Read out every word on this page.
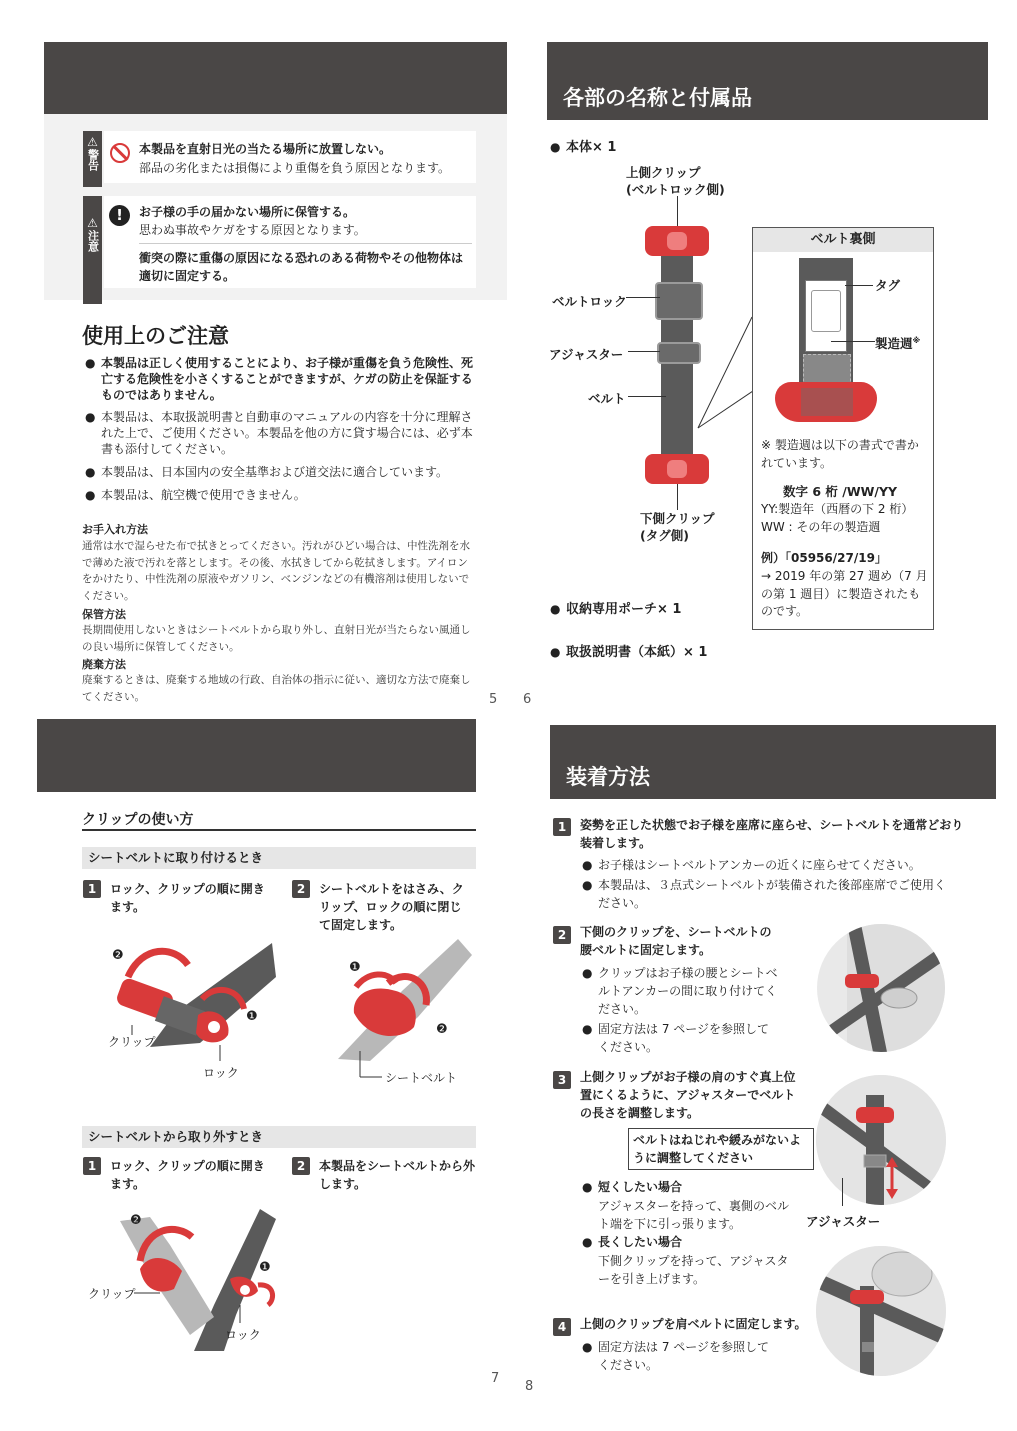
⚠
警告	本製品を直射日光の当たる場所に放置しない。
部品の劣化または損傷により重傷を負う原因となります。
⚠
注意
!	お子様の手の届かない場所に保管する。
思わぬ事故やケガをする原因となります。
衝突の際に重傷の原因になる恐れのある荷物やその他物体は適切に固定する。
使用上のご注意
● 本製品は正しく使用することにより、お子様が重傷を負う危険性、死亡する危険性を小さくすることができますが、ケガの防止を保証するものではありません。
● 本製品は、本取扱説明書と自動車のマニュアルの内容を十分に理解された上で、ご使用ください。本製品を他の方に貸す場合には、必ず本書も添付してください。
● 本製品は、日本国内の安全基準および道交法に適合しています。
● 本製品は、航空機で使用できません。
お手入れ方法
通常は水で湿らせた布で拭きとってください。汚れがひどい場合は、中性洗剤を水で薄めた液で汚れを落とします。その後、水拭きしてから乾拭きします。アイロンをかけたり、中性洗剤の原液やガソリン、ベンジンなどの有機溶剤は使用しないでください。
保管方法
長期間使用しないときはシートベルトから取り外し、直射日光が当たらない風通しの良い場所に保管してください。
廃棄方法
廃棄するときは、廃棄する地域の行政、自治体の指示に従い、適切な方法で廃棄してください。	5
各部の名称と付属品
● 本体× 1
上側クリップ
(ベルトロック側)
ベルトロック
アジャスター
ベルト
下側クリップ
(タグ側)
ベルト裏側
タグ
製造週※
※ 製造週は以下の書式で書かれています。
数字 6 桁 /WW/YY
YY:製造年（西暦の下 2 桁）
WW : その年の製造週
例）「05956/27/19」
→ 2019 年の第 27 週め（7 月の第 1 週目）に製造されたものです。
● 収納専用ポーチ× 1
● 取扱説明書（本紙）× 1
6
クリップの使い方
シートベルトに取り付けるとき
1	ロック、クリップの順に開きます。
2	シートベルトをはさみ、クリップ、ロックの順に閉じて固定します。
❷
❶
クリップ
ロック
❶
❷
シートベルト
シートベルトから取り外すとき
1	ロック、クリップの順に開きます。
2	本製品をシートベルトから外します。
❷
❶
クリップ
ロック
7
装着方法
1	姿勢を正した状態でお子様を座席に座らせ、シートベルトを通常どおり装着します。
● お子様はシートベルトアンカーの近くに座らせてください。
● 本製品は、３点式シートベルトが装備された後部座席でご使用ください。
2	下側のクリップを、シートベルトの腰ベルトに固定します。
● クリップはお子様の腰とシートベルトアンカーの間に取り付けてください。
● 固定方法は 7 ページを参照してください。
3	上側クリップがお子様の肩のすぐ真上位置にくるように、アジャスターでベルトの長さを調整します。
ベルトはねじれや緩みがないように調整してください
● 短くしたい場合
アジャスターを持って、裏側のベルト端を下に引っ張ります。
● 長くしたい場合
下側クリップを持って、アジャスターを引き上げます。
アジャスター
4	上側のクリップを肩ベルトに固定します。
● 固定方法は 7 ページを参照してください。
8
